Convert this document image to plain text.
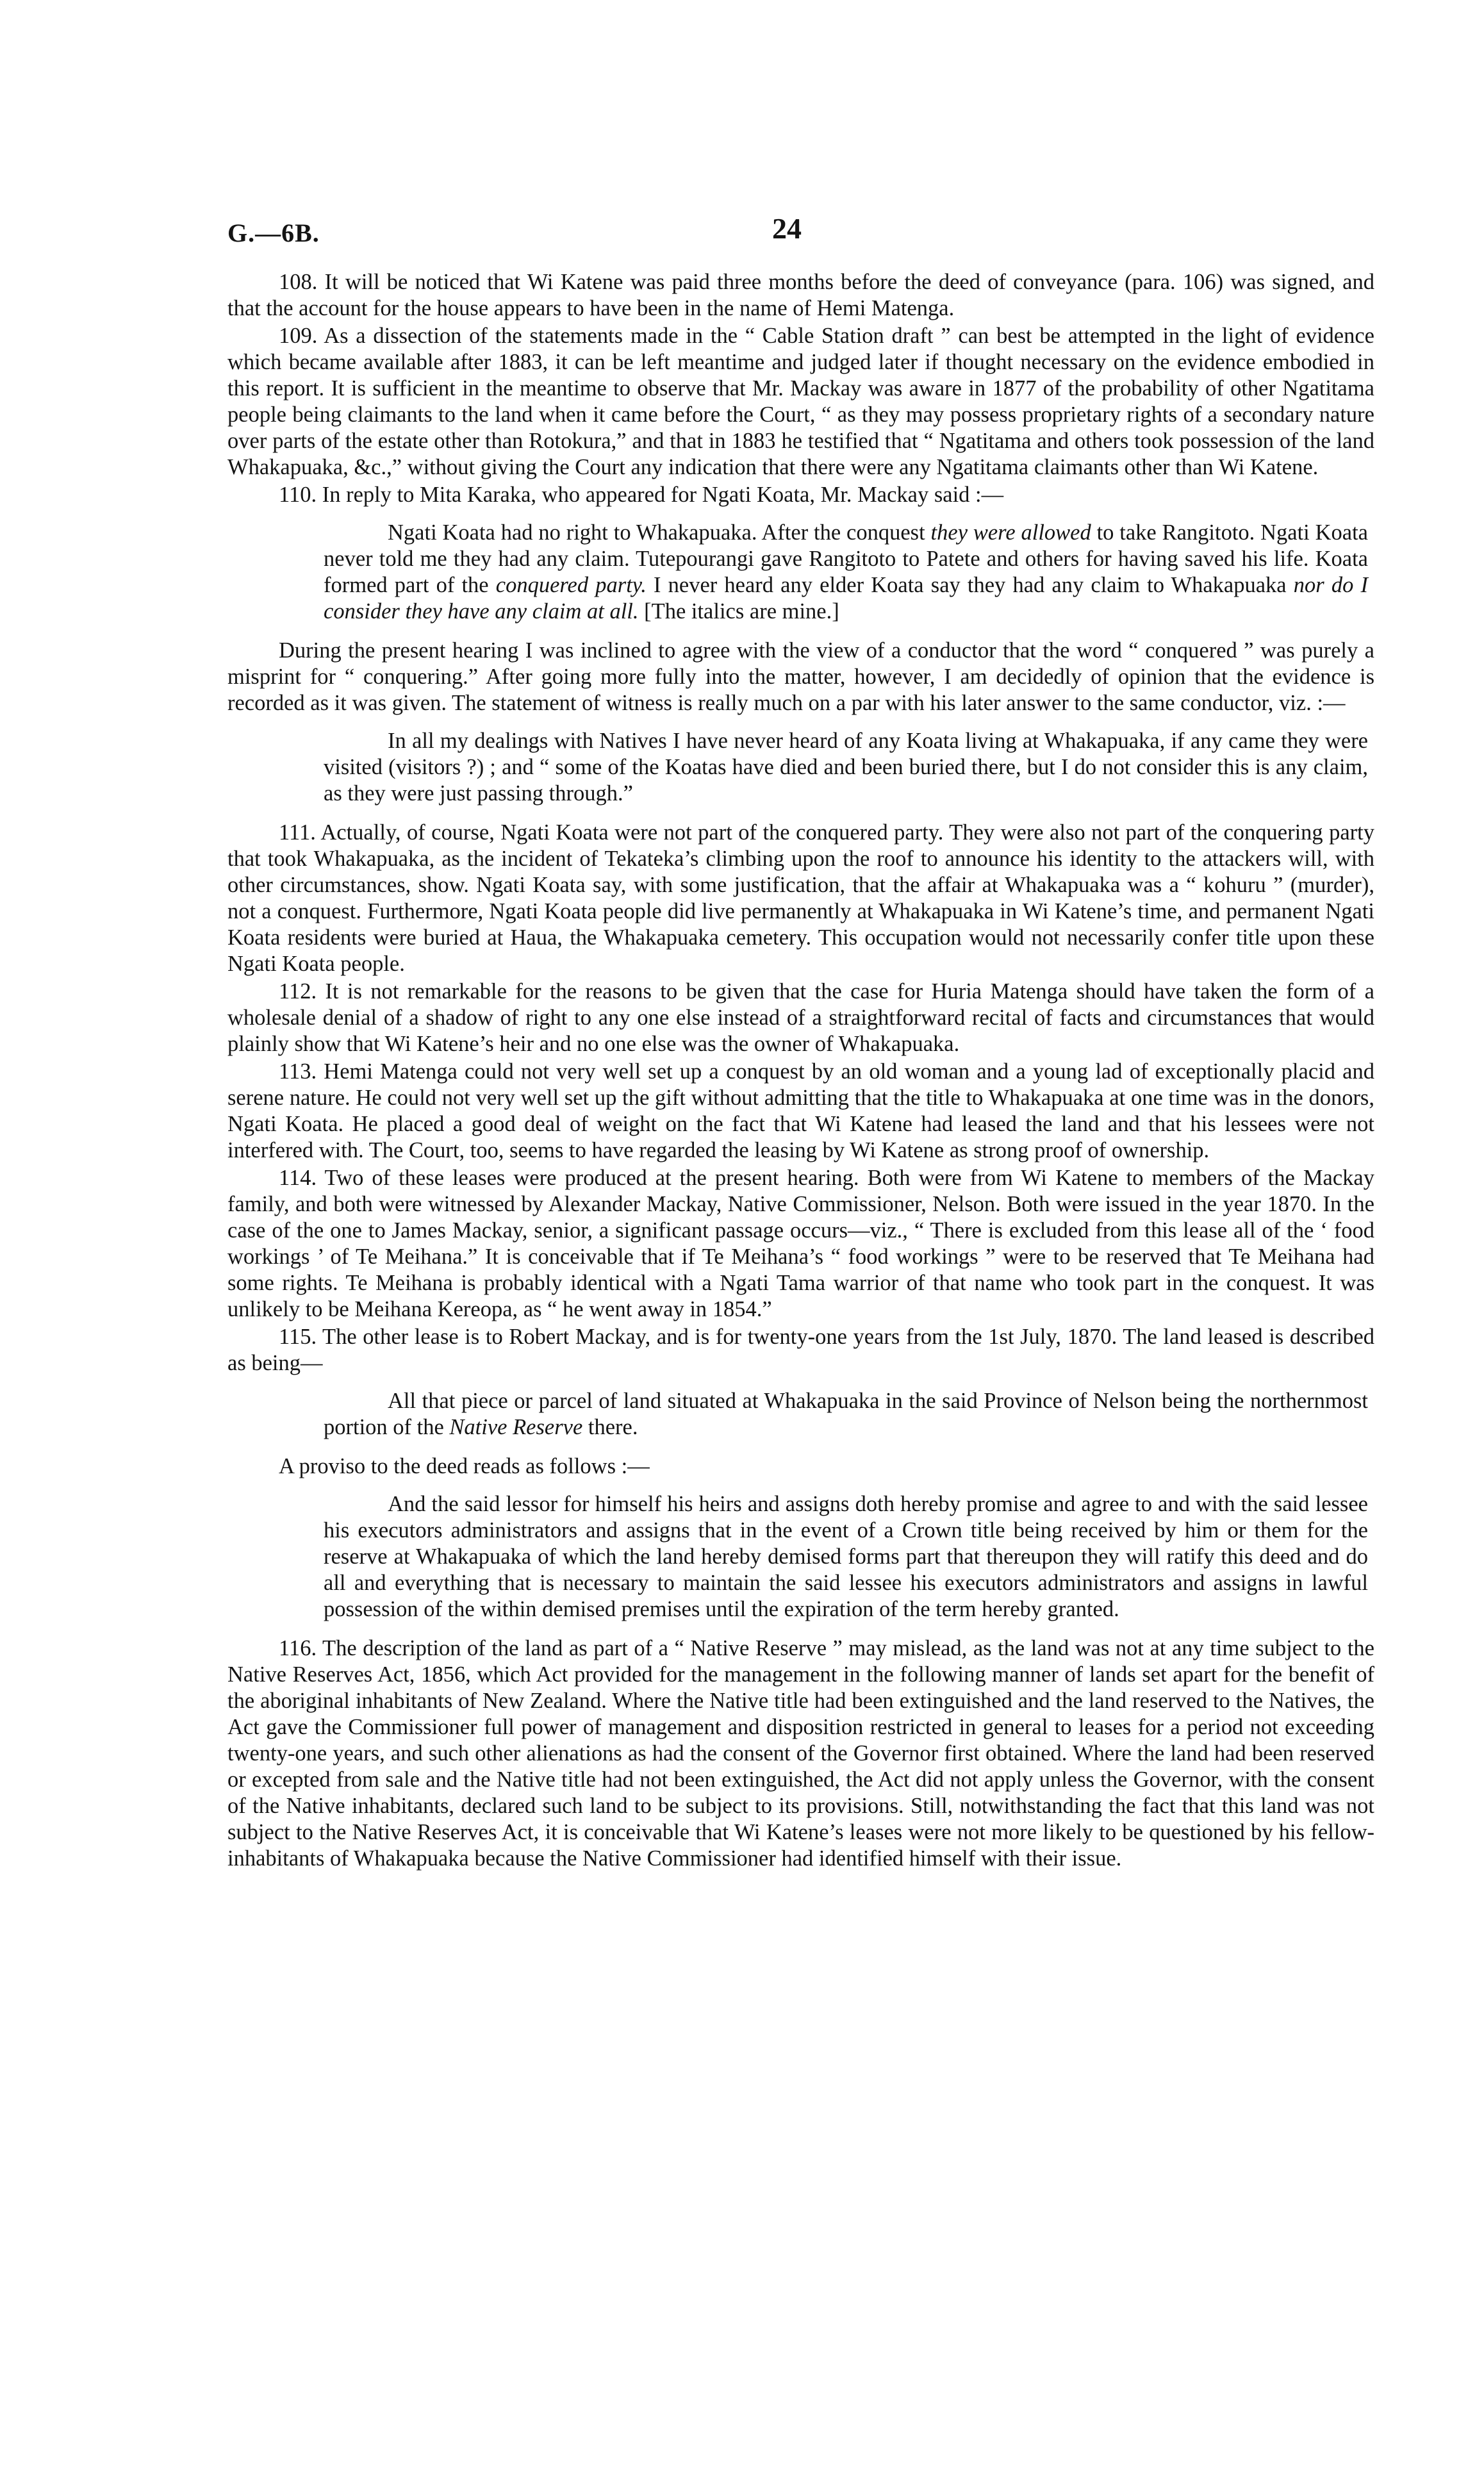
G.—6B.	24

108. It will be noticed that Wi Katene was paid three months before the deed of conveyance (para. 106) was signed, and that the account for the house appears to have been in the name of Hemi Matenga.

109. As a dissection of the statements made in the “ Cable Station draft ” can best be attempted in the light of evidence which became available after 1883, it can be left meantime and judged later if thought necessary on the evidence embodied in this report. It is sufficient in the meantime to observe that Mr. Mackay was aware in 1877 of the probability of other Ngatitama people being claimants to the land when it came before the Court, “ as they may possess proprietary rights of a secondary nature over parts of the estate other than Rotokura,” and that in 1883 he testified that “ Ngatitama and others took possession of the land Whakapuaka, &c.,” without giving the Court any indication that there were any Ngatitama claimants other than Wi Katene.

110. In reply to Mita Karaka, who appeared for Ngati Koata, Mr. Mackay said :—

Ngati Koata had no right to Whakapuaka. After the conquest they were allowed to take Rangitoto. Ngati Koata never told me they had any claim. Tutepourangi gave Rangitoto to Patete and others for having saved his life. Koata formed part of the conquered party. I never heard any elder Koata say they had any claim to Whakapuaka nor do I consider they have any claim at all. [The italics are mine.]

During the present hearing I was inclined to agree with the view of a conductor that the word “ conquered ” was purely a misprint for “ conquering.” After going more fully into the matter, however, I am decidedly of opinion that the evidence is recorded as it was given. The statement of witness is really much on a par with his later answer to the same conductor, viz. :—

In all my dealings with Natives I have never heard of any Koata living at Whakapuaka, if any came they were visited (visitors ?) ; and “ some of the Koatas have died and been buried there, but I do not consider this is any claim, as they were just passing through.”

111. Actually, of course, Ngati Koata were not part of the conquered party. They were also not part of the conquering party that took Whakapuaka, as the incident of Tekateka’s climbing upon the roof to announce his identity to the attackers will, with other circumstances, show. Ngati Koata say, with some justification, that the affair at Whakapuaka was a “ kohuru ” (murder), not a conquest. Furthermore, Ngati Koata people did live permanently at Whakapuaka in Wi Katene’s time, and permanent Ngati Koata residents were buried at Haua, the Whakapuaka cemetery. This occupation would not necessarily confer title upon these Ngati Koata people.

112. It is not remarkable for the reasons to be given that the case for Huria Matenga should have taken the form of a wholesale denial of a shadow of right to any one else instead of a straightforward recital of facts and circumstances that would plainly show that Wi Katene’s heir and no one else was the owner of Whakapuaka.

113. Hemi Matenga could not very well set up a conquest by an old woman and a young lad of exceptionally placid and serene nature. He could not very well set up the gift without admitting that the title to Whakapuaka at one time was in the donors, Ngati Koata. He placed a good deal of weight on the fact that Wi Katene had leased the land and that his lessees were not interfered with. The Court, too, seems to have regarded the leasing by Wi Katene as strong proof of ownership.

114. Two of these leases were produced at the present hearing. Both were from Wi Katene to members of the Mackay family, and both were witnessed by Alexander Mackay, Native Commissioner, Nelson. Both were issued in the year 1870. In the case of the one to James Mackay, senior, a significant passage occurs—viz., “ There is excluded from this lease all of the ‘ food workings ’ of Te Meihana.” It is conceivable that if Te Meihana’s “ food workings ” were to be reserved that Te Meihana had some rights. Te Meihana is probably identical with a Ngati Tama warrior of that name who took part in the conquest. It was unlikely to be Meihana Kereopa, as “ he went away in 1854.”

115. The other lease is to Robert Mackay, and is for twenty-one years from the 1st July, 1870. The land leased is described as being—

All that piece or parcel of land situated at Whakapuaka in the said Province of Nelson being the northernmost portion of the Native Reserve there.

A proviso to the deed reads as follows :—

And the said lessor for himself his heirs and assigns doth hereby promise and agree to and with the said lessee his executors administrators and assigns that in the event of a Crown title being received by him or them for the reserve at Whakapuaka of which the land hereby demised forms part that thereupon they will ratify this deed and do all and everything that is necessary to maintain the said lessee his executors administrators and assigns in lawful possession of the within demised premises until the expiration of the term hereby granted.

116. The description of the land as part of a “ Native Reserve ” may mislead, as the land was not at any time subject to the Native Reserves Act, 1856, which Act provided for the management in the following manner of lands set apart for the benefit of the aboriginal inhabitants of New Zealand. Where the Native title had been extinguished and the land reserved to the Natives, the Act gave the Commissioner full power of management and disposition restricted in general to leases for a period not exceeding twenty-one years, and such other alienations as had the consent of the Governor first obtained. Where the land had been reserved or excepted from sale and the Native title had not been extinguished, the Act did not apply unless the Governor, with the consent of the Native inhabitants, declared such land to be subject to its provisions. Still, notwithstanding the fact that this land was not subject to the Native Reserves Act, it is conceivable that Wi Katene’s leases were not more likely to be questioned by his fellow-inhabitants of Whakapuaka because the Native Commissioner had identified himself with their issue.
